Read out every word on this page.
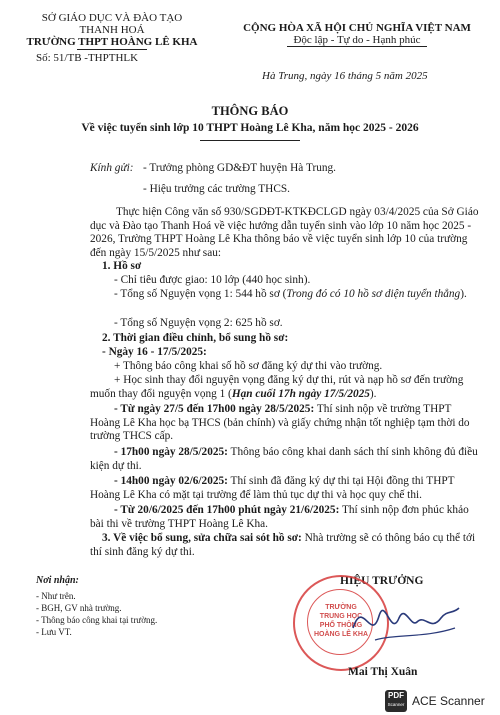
SỞ GIÁO DỤC VÀ ĐÀO TẠO
THANH HOÁ
TRƯỜNG THPT HOÀNG LÊ KHA
Số: 51/TB -THPTHLK
CỘNG HÒA XÃ HỘI CHỦ NGHĨA VIỆT NAM
Độc lập - Tự do - Hạnh phúc
Hà Trung, ngày 16 tháng 5 năm 2025
THÔNG BÁO
Về việc tuyển sinh lớp 10 THPT Hoàng Lê Kha, năm học 2025 - 2026
Kính gửi: - Trưởng phòng GD&ĐT huyện Hà Trung.
- Hiệu trưởng các trường THCS.
Thực hiện Công văn số 930/SGDĐT-KTKĐCLGD ngày 03/4/2025 của Sở Giáo dục và Đào tạo Thanh Hoá về việc hướng dẫn tuyển sinh vào lớp 10 năm học 2025 - 2026, Trường THPT Hoàng Lê Kha thông báo về việc tuyển sinh lớp 10 của trường đến ngày 15/5/2025 như sau:
1. Hồ sơ
- Chỉ tiêu được giao: 10 lớp (440 học sinh).
- Tổng số Nguyện vọng 1: 544 hồ sơ (Trong đó có 10 hồ sơ diện tuyển thẳng).
- Tổng số Nguyện vọng 2: 625 hồ sơ.
2. Thời gian điều chỉnh, bổ sung hồ sơ:
- Ngày 16 - 17/5/2025:
+ Thông báo công khai số hồ sơ đăng ký dự thi vào trường.
+ Học sinh thay đổi nguyện vọng đăng ký dự thi, rút và nạp hồ sơ đến trường muốn thay đổi nguyện vọng 1 (Hạn cuối 17h ngày 17/5/2025).
- Từ ngày 27/5 đến 17h00 ngày 28/5/2025: Thí sinh nộp về trường THPT Hoàng Lê Kha học bạ THCS (bản chính) và giấy chứng nhận tốt nghiệp tạm thời do trường THCS cấp.
- 17h00 ngày 28/5/2025: Thông báo công khai danh sách thí sinh không đủ điều kiện dự thi.
- 14h00 ngày 02/6/2025: Thí sinh đã đăng ký dự thi tại Hội đồng thi THPT Hoàng Lê Kha có mặt tại trường để làm thủ tục dự thi và học quy chế thi.
- Từ 20/6/2025 đến 17h00 phút ngày 21/6/2025: Thí sinh nộp đơn phúc khảo bài thi về trường THPT Hoàng Lê Kha.
3. Về việc bổ sung, sửa chữa sai sót hồ sơ: Nhà trường sẽ có thông báo cụ thể tới thí sinh đăng ký dự thi.
Nơi nhận:
- Như trên.
- BGH, GV nhà trường.
- Thông báo công khai tại trường.
- Lưu VT.
HIỆU TRƯỞNG
TRƯỜNG
TRUNG HỌC
PHỔ THÔNG
HOÀNG LÊ KHA
Mai Thị Xuân
PDF
Scanner ACE Scanner
